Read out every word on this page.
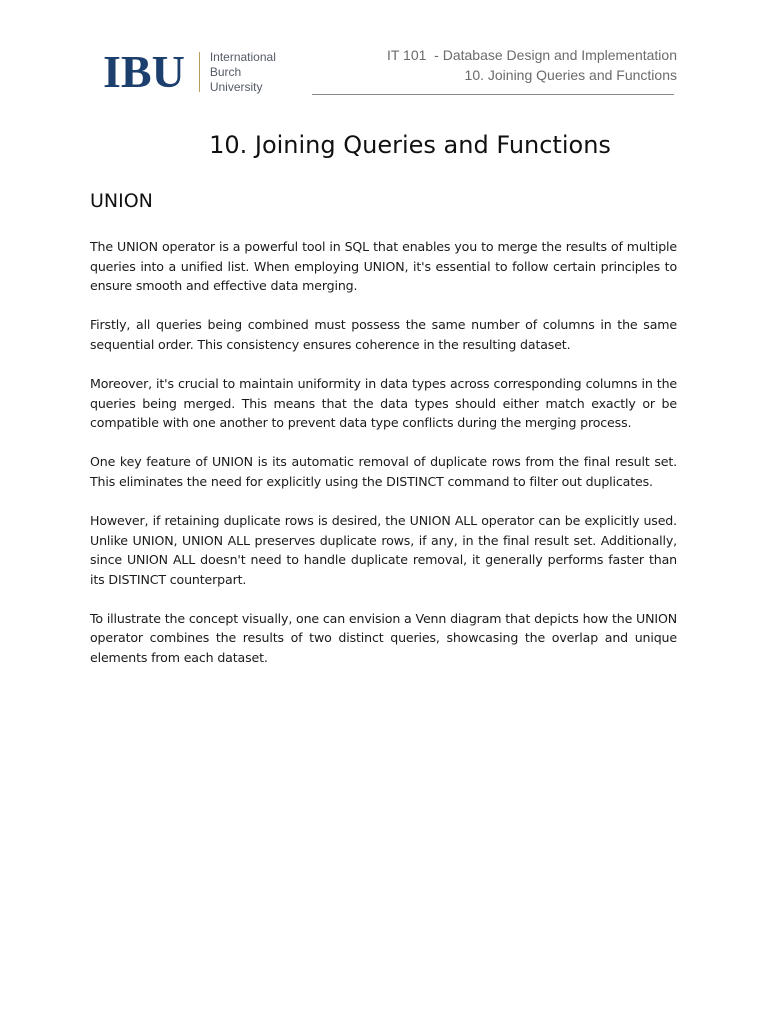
IBU International
Burch
University
IT 101  - Database Design and Implementation
10. Joining Queries and Functions
10. Joining Queries and Functions
UNION

The UNION operator is a powerful tool in SQL that enables you to merge the results of multiple queries into a unified list. When employing UNION, it's essential to follow certain principles to ensure smooth and effective data merging.

Firstly, all queries being combined must possess the same number of columns in the same sequential order. This consistency ensures coherence in the resulting dataset.

Moreover, it's crucial to maintain uniformity in data types across corresponding columns in the queries being merged. This means that the data types should either match exactly or be compatible with one another to prevent data type conflicts during the merging process.

One key feature of UNION is its automatic removal of duplicate rows from the final result set. This eliminates the need for explicitly using the DISTINCT command to filter out duplicates.

However, if retaining duplicate rows is desired, the UNION ALL operator can be explicitly used. Unlike UNION, UNION ALL preserves duplicate rows, if any, in the final result set. Additionally, since UNION ALL doesn't need to handle duplicate removal, it generally performs faster than its DISTINCT counterpart.

To illustrate the concept visually, one can envision a Venn diagram that depicts how the UNION operator combines the results of two distinct queries, showcasing the overlap and unique elements from each dataset.
